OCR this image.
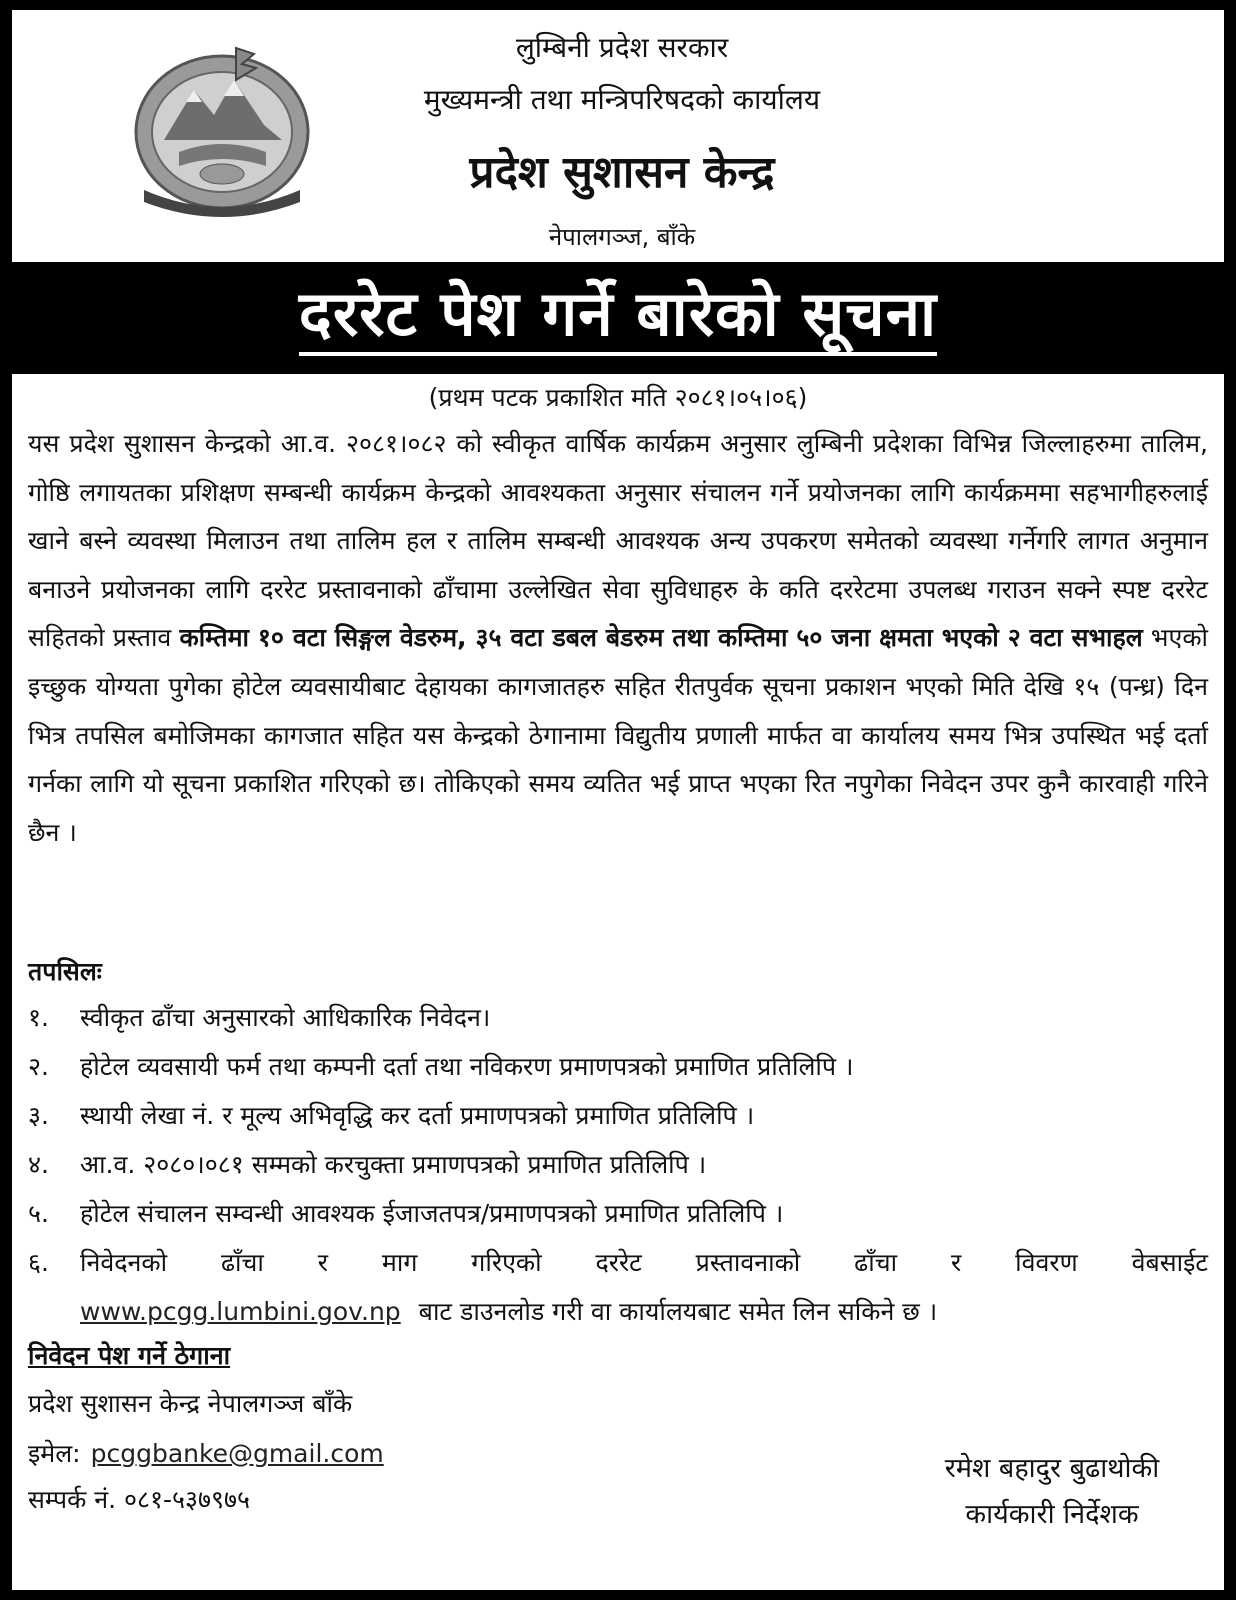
लुम्बिनी प्रदेश सरकार
मुख्यमन्त्री तथा मन्त्रिपरिषदको कार्यालय
प्रदेश सुशासन केन्द्र
नेपालगञ्ज, बाँके
दररेट पेश गर्ने बारेको सूचना
(प्रथम पटक प्रकाशित मति २०८१।०५।०६)
यस प्रदेश सुशासन केन्द्रको आ.व. २०८१।०८२ को स्वीकृत वार्षिक कार्यक्रम अनुसार लुम्बिनी प्रदेशका विभिन्न जिल्लाहरुमा तालिम, गोष्ठि लगायतका प्रशिक्षण सम्बन्धी कार्यक्रम केन्द्रको आवश्यकता अनुसार संचालन गर्ने प्रयोजनका लागि कार्यक्रममा सहभागीहरुलाई खाने बस्ने व्यवस्था मिलाउन तथा तालिम हल र तालिम सम्बन्धी आवश्यक अन्य उपकरण समेतको व्यवस्था गर्नेगरि लागत अनुमान बनाउने प्रयोजनका लागि दररेट प्रस्तावनाको ढाँचामा उल्लेखित सेवा सुविधाहरु के कति दररेटमा उपलब्ध गराउन सक्ने स्पष्ट दररेट सहितको प्रस्ताव कम्तिमा १० वटा सिङ्गल वेडरुम, ३५ वटा डबल बेडरुम तथा कम्तिमा ५० जना क्षमता भएको २ वटा सभाहल भएको इच्छुक योग्यता पुगेका होटेल व्यवसायीबाट देहायका कागजातहरु सहित रीतपुर्वक सूचना प्रकाशन भएको मिति देखि १५ (पन्ध्र) दिन भित्र तपसिल बमोजिमका कागजात सहित यस केन्द्रको ठेगानामा विद्युतीय प्रणाली मार्फत वा कार्यालय समय भित्र उपस्थित भई दर्ता गर्नका लागि यो सूचना प्रकाशित गरिएको छ। तोकिएको समय व्यतित भई प्राप्त भएका रित नपुगेका निवेदन उपर कुनै कारवाही गरिने छैन ।
तपसिलः
१. स्वीकृत ढाँचा अनुसारको आधिकारिक निवेदन।
२. होटेल व्यवसायी फर्म तथा कम्पनी दर्ता तथा नविकरण प्रमाणपत्रको प्रमाणित प्रतिलिपि ।
३. स्थायी लेखा नं. र मूल्य अभिवृद्धि कर दर्ता प्रमाणपत्रको प्रमाणित प्रतिलिपि ।
४. आ.व. २०८०।०८१ सम्मको करचुक्ता प्रमाणपत्रको प्रमाणित प्रतिलिपि ।
५. होटेल संचालन सम्वन्धी आवश्यक ईजाजतपत्र/प्रमाणपत्रको प्रमाणित प्रतिलिपि ।
६. निवेदनको ढाँचा र माग गरिएको दररेट प्रस्तावनाको ढाँचा र विवरण वेबसाईट
www.pcgg.lumbini.gov.np बाट डाउनलोड गरी वा कार्यालयबाट समेत लिन सकिने छ ।
निवेदन पेश गर्ने ठेगाना
प्रदेश सुशासन केन्द्र नेपालगञ्ज बाँके
इमेल: pcggbanke@gmail.com
सम्पर्क नं. ०८१-५३७९७५
रमेश बहादुर बुढाथोकी
कार्यकारी निर्देशक
